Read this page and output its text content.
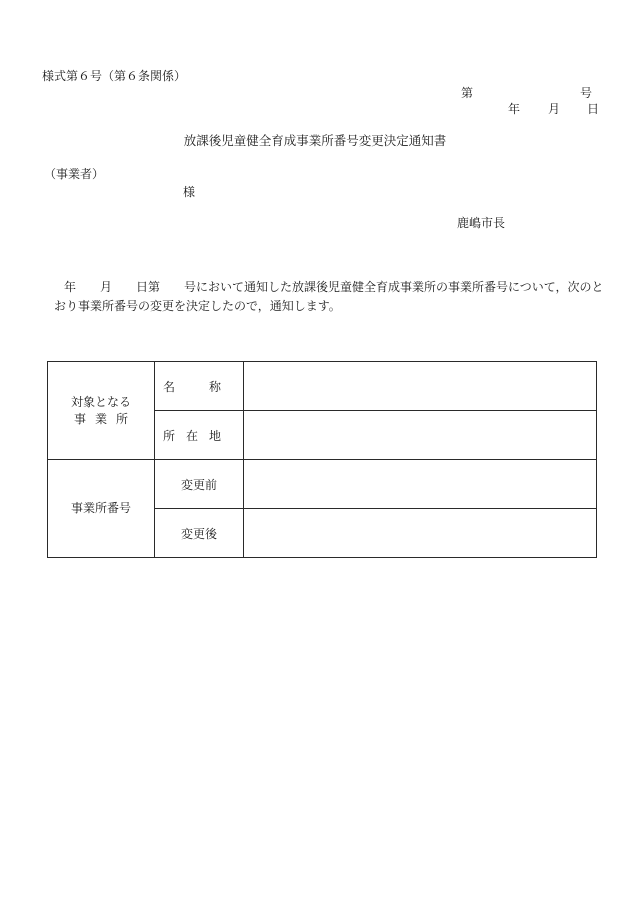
様式第６号（第６条関係）
第	号
年 月 日
放課後児童健全育成事業所番号変更決定通知書
（事業者）
様
鹿嶋市長

年　　月　　日第　　号において通知した放課後児童健全育成事業所の事業所番号について，次のと

おり事業所番号の変更を決定したので，通知します。

対象となる
事業所	名 称	

	所 在 地	

事業所番号	変更前	

	変更後	
